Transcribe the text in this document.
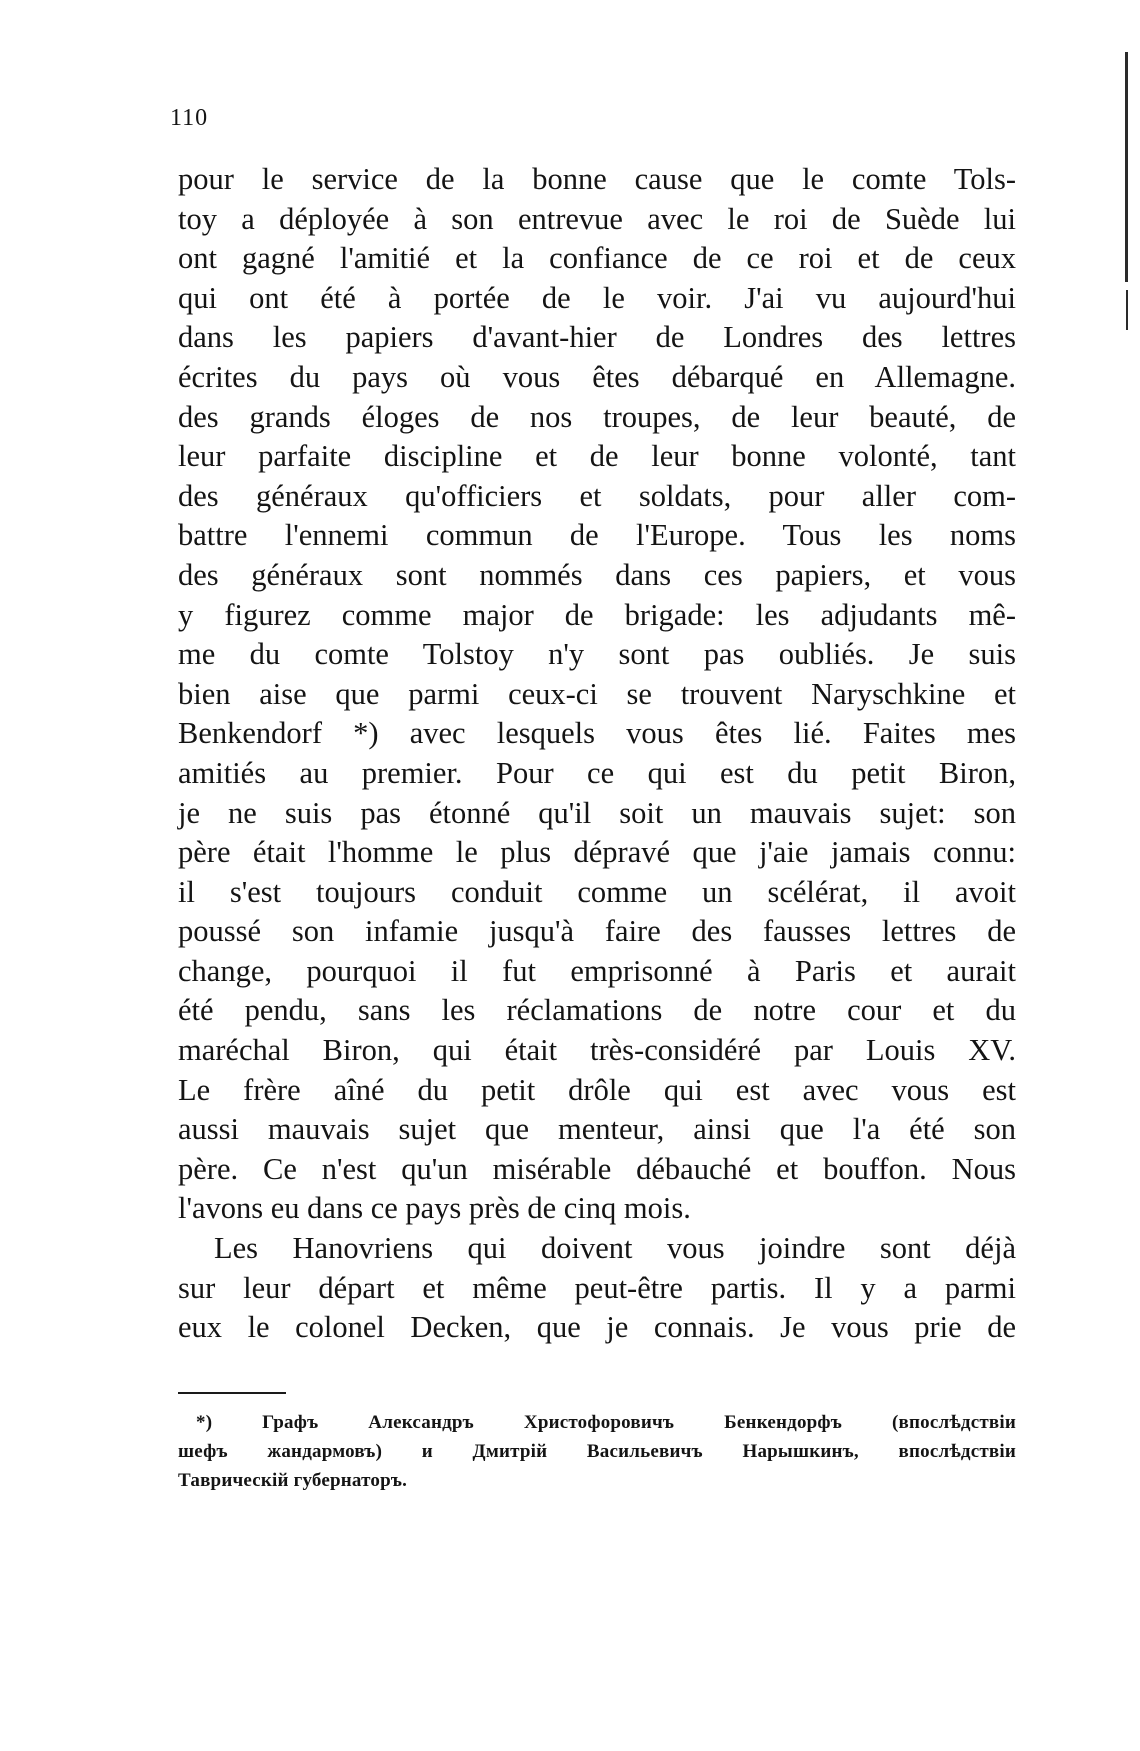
110
pour le service de la bonne cause que le comte Tols-
toy a déployée à son entrevue avec le roi de Suède lui
ont gagné l'amitié et la confiance de ce roi et de ceux
qui ont été à portée de le voir. J'ai vu aujourd'hui
dans les papiers d'avant-hier de Londres des lettres
écrites du pays où vous êtes débarqué en Allemagne.
des grands éloges de nos troupes, de leur beauté, de
leur parfaite discipline et de leur bonne volonté, tant
des généraux qu'officiers et soldats, pour aller com-
battre l'ennemi commun de l'Europe. Tous les noms
des généraux sont nommés dans ces papiers, et vous
y figurez comme major de brigade: les adjudants mê-
me du comte Tolstoy n'y sont pas oubliés. Je suis
bien aise que parmi ceux-ci se trouvent Naryschkine et
Benkendorf *) avec lesquels vous êtes lié. Faites mes
amitiés au premier. Pour ce qui est du petit Biron,
je ne suis pas étonné qu'il soit un mauvais sujet: son
père était l'homme le plus dépravé que j'aie jamais connu:
il s'est toujours conduit comme un scélérat, il avoit
poussé son infamie jusqu'à faire des fausses lettres de
change, pourquoi il fut emprisonné à Paris et aurait
été pendu, sans les réclamations de notre cour et du
maréchal Biron, qui était très-considéré par Louis XV.
Le frère aîné du petit drôle qui est avec vous est
aussi mauvais sujet que menteur, ainsi que l'a été son
père. Ce n'est qu'un misérable débauché et bouffon. Nous
l'avons eu dans ce pays près de cinq mois.
Les Hanovriens qui doivent vous joindre sont déjà
sur leur départ et même peut-être partis. Il y a parmi
eux le colonel Decken, que je connais. Je vous prie de
*) Графъ Александръ Христофоровичъ Бенкендорфъ (впослѣдствіи
шефъ жандармовъ) и Дмитрій Васильевичъ Нарышкинъ, впослѣдствіи
Таврическій губернаторъ.
